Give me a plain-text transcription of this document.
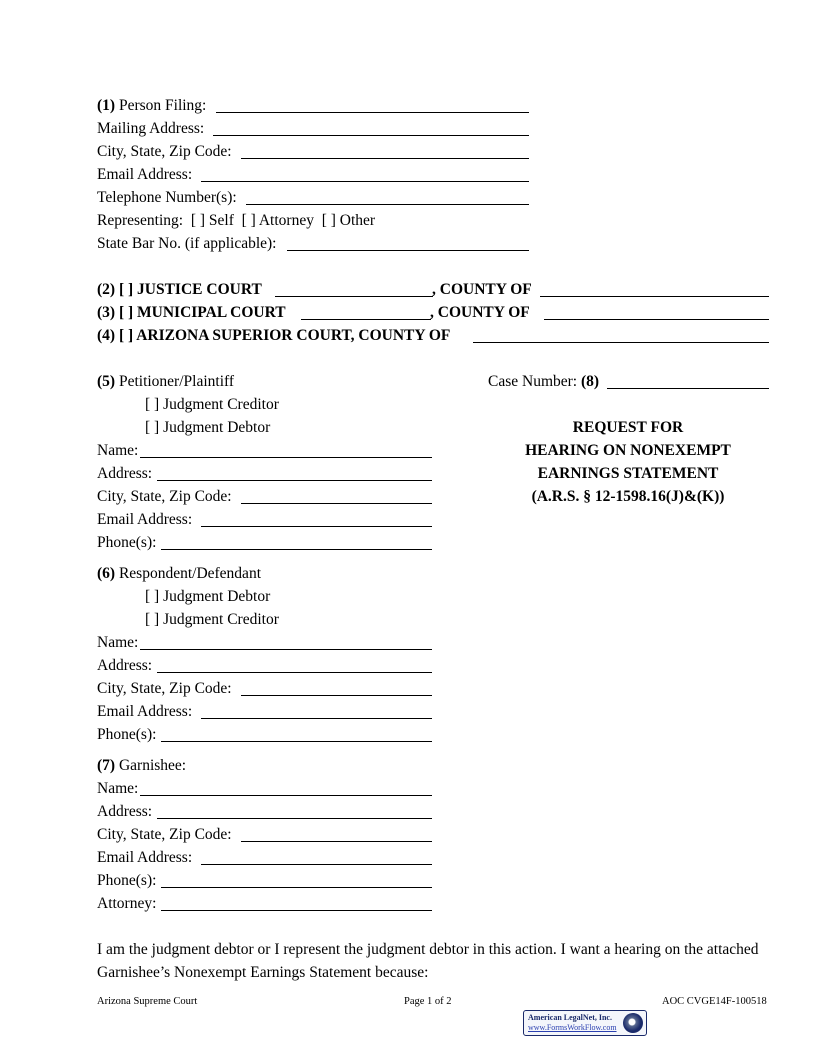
(1) Person Filing:
Mailing Address:
City, State, Zip Code:
Email Address:
Telephone Number(s):
Representing: [ ] Self [ ] Attorney [ ] Other
State Bar No. (if applicable):
(2) [ ] JUSTICE COURT	, COUNTY OF
(3) [ ] MUNICIPAL COURT	, COUNTY OF
(4) [ ] ARIZONA SUPERIOR COURT, COUNTY OF
(5) Petitioner/Plaintiff
[ ] Judgment Creditor
[ ] Judgment Debtor
Name:
Address:
City, State, Zip Code:
Email Address:
Phone(s):
Case Number: (8)
REQUEST FOR
HEARING ON NONEXEMPT
EARNINGS STATEMENT
(A.R.S. § 12-1598.16(J)&(K))
(6) Respondent/Defendant
[ ] Judgment Debtor
[ ] Judgment Creditor
Name:
Address:
City, State, Zip Code:
Email Address:
Phone(s):
(7) Garnishee:
Name:
Address:
City, State, Zip Code:
Email Address:
Phone(s):
Attorney:
I am the judgment debtor or I represent the judgment debtor in this action. I want a hearing on the attached Garnishee’s Nonexempt Earnings Statement because:
Arizona Supreme Court	Page 1 of 2	AOC CVGE14F-100518
American LegalNet, Inc.
www.FormsWorkFlow.com
